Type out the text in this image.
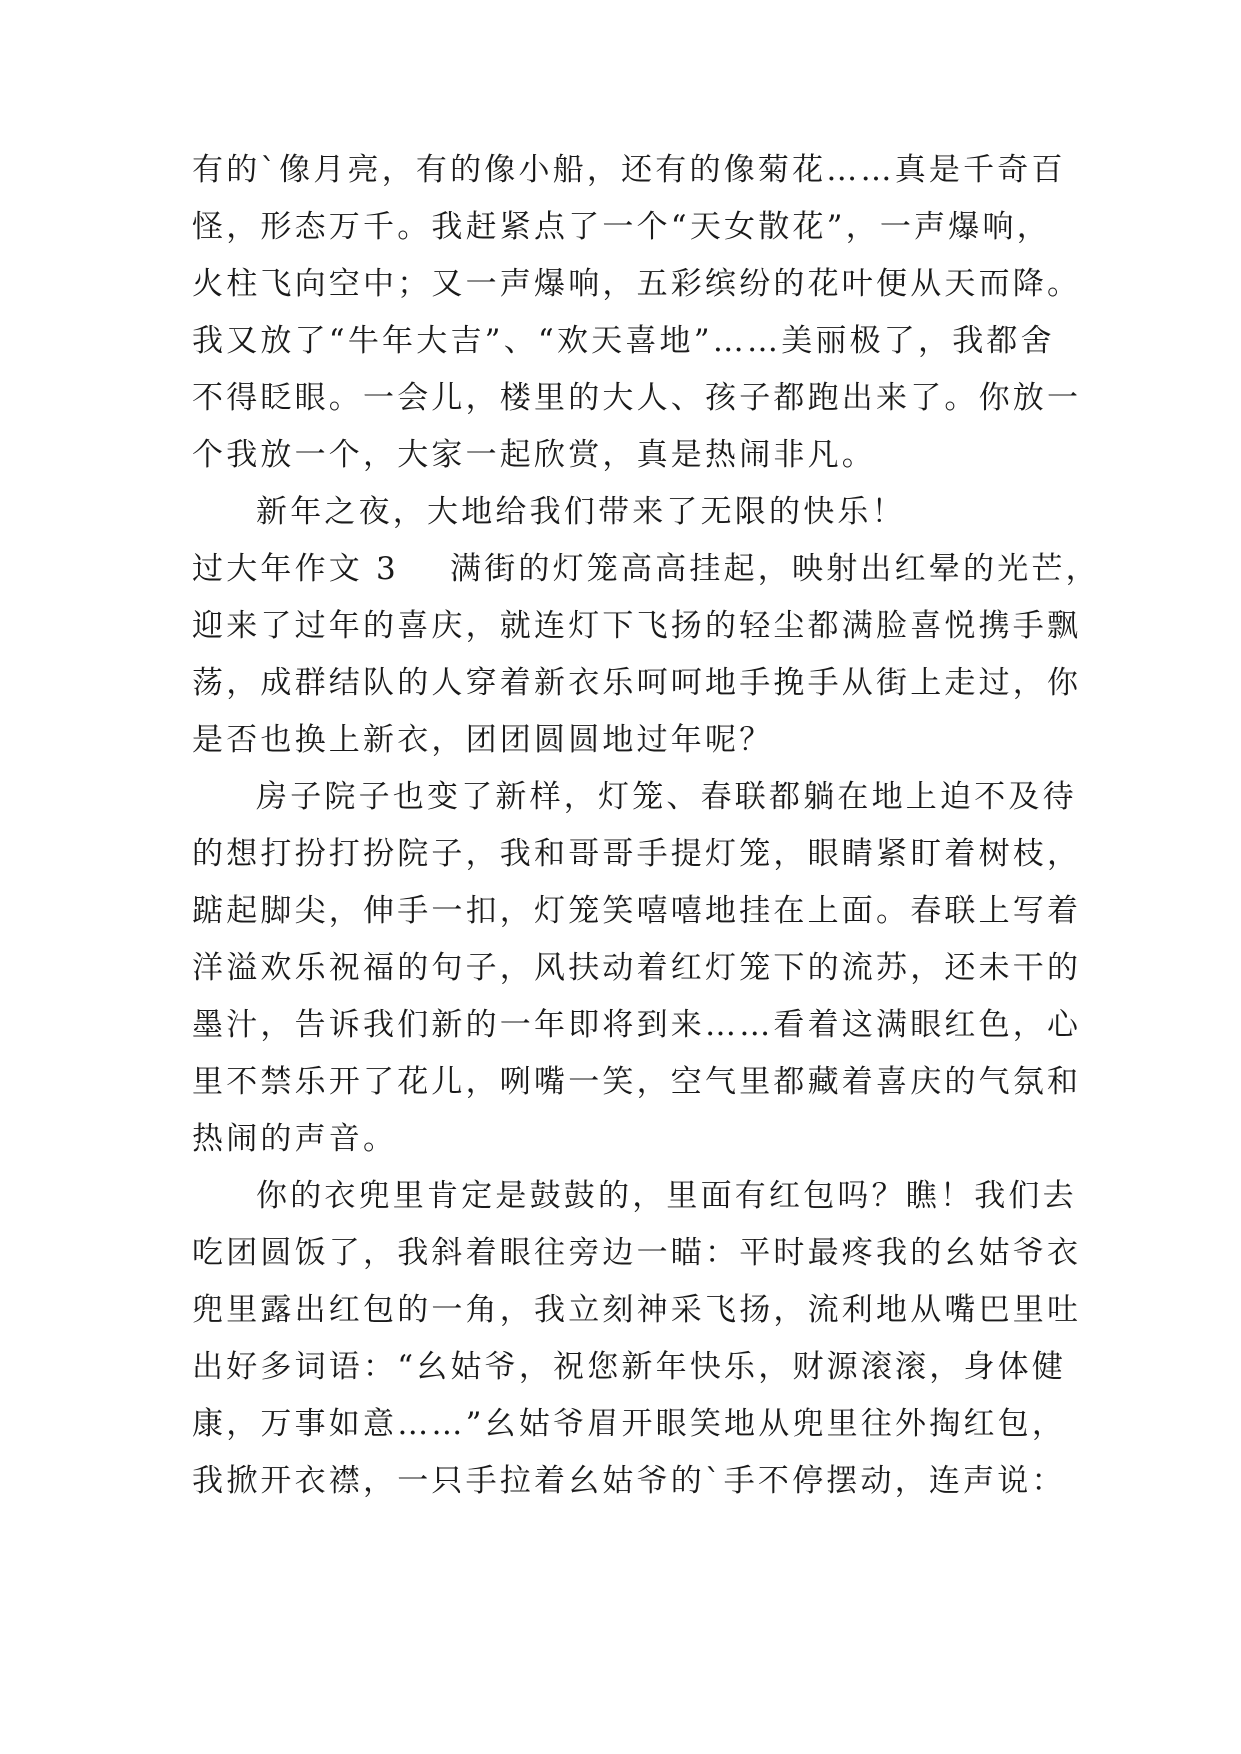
有的`像月亮，有的像小船，还有的像菊花……真是千奇百
怪，形态万千。我赶紧点了一个“天女散花”，一声爆响，
火柱飞向空中；又一声爆响，五彩缤纷的花叶便从天而降。
我又放了“牛年大吉”、“欢天喜地”……美丽极了，我都舍
不得眨眼。一会儿，楼里的大人、孩子都跑出来了。你放一
个我放一个，大家一起欣赏，真是热闹非凡。
新年之夜，大地给我们带来了无限的快乐！
过大年作文 3 满街的灯笼高高挂起，映射出红晕的光芒，
迎来了过年的喜庆，就连灯下飞扬的轻尘都满脸喜悦携手飘
荡，成群结队的人穿着新衣乐呵呵地手挽手从街上走过，你
是否也换上新衣，团团圆圆地过年呢？
房子院子也变了新样，灯笼、春联都躺在地上迫不及待
的想打扮打扮院子，我和哥哥手提灯笼，眼睛紧盯着树枝，
踮起脚尖，伸手一扣，灯笼笑嘻嘻地挂在上面。春联上写着
洋溢欢乐祝福的句子，风扶动着红灯笼下的流苏，还未干的
墨汁，告诉我们新的一年即将到来……看着这满眼红色，心
里不禁乐开了花儿，咧嘴一笑，空气里都藏着喜庆的气氛和
热闹的声音。
你的衣兜里肯定是鼓鼓的，里面有红包吗？瞧！我们去
吃团圆饭了，我斜着眼往旁边一瞄：平时最疼我的幺姑爷衣
兜里露出红包的一角，我立刻神采飞扬，流利地从嘴巴里吐
出好多词语：“幺姑爷，祝您新年快乐，财源滚滚，身体健
康，万事如意……”幺姑爷眉开眼笑地从兜里往外掏红包，
我掀开衣襟，一只手拉着幺姑爷的`手不停摆动，连声说：
